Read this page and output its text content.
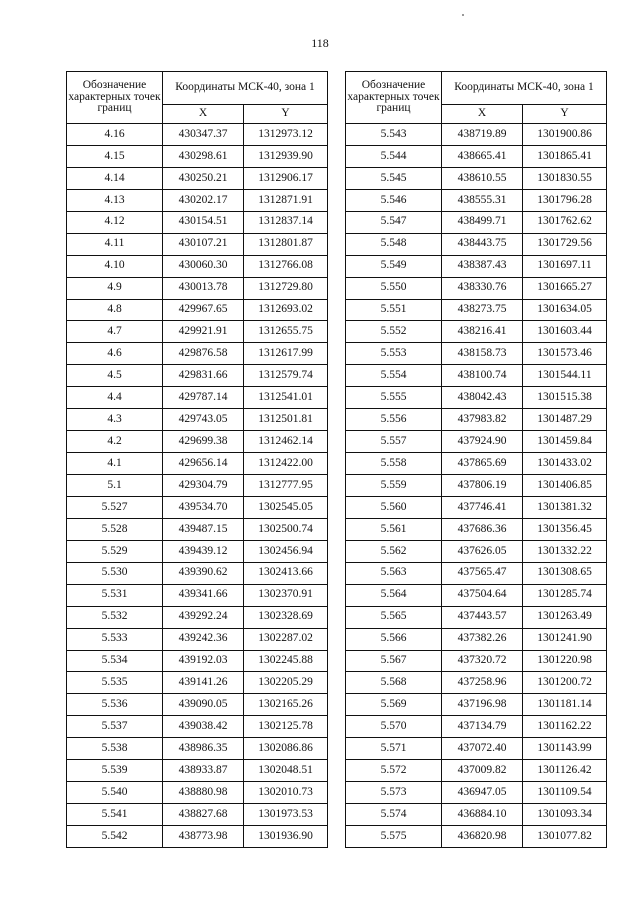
118
Обозначение характерных точек границ	Координаты МСК-40, зона 1	
	X	Y
4.16	430347.37	1312973.12
4.15	430298.61	1312939.90
4.14	430250.21	1312906.17
4.13	430202.17	1312871.91
4.12	430154.51	1312837.14
4.11	430107.21	1312801.87
4.10	430060.30	1312766.08
4.9	430013.78	1312729.80
4.8	429967.65	1312693.02
4.7	429921.91	1312655.75
4.6	429876.58	1312617.99
4.5	429831.66	1312579.74
4.4	429787.14	1312541.01
4.3	429743.05	1312501.81
4.2	429699.38	1312462.14
4.1	429656.14	1312422.00
5.1	429304.79	1312777.95
5.527	439534.70	1302545.05
5.528	439487.15	1302500.74
5.529	439439.12	1302456.94
5.530	439390.62	1302413.66
5.531	439341.66	1302370.91
5.532	439292.24	1302328.69
5.533	439242.36	1302287.02
5.534	439192.03	1302245.88
5.535	439141.26	1302205.29
5.536	439090.05	1302165.26
5.537	439038.42	1302125.78
5.538	438986.35	1302086.86
5.539	438933.87	1302048.51
5.540	438880.98	1302010.73
5.541	438827.68	1301973.53
5.542	438773.98	1301936.90
Обозначение характерных точек границ	Координаты МСК-40, зона 1	
	X	Y
5.543	438719.89	1301900.86
5.544	438665.41	1301865.41
5.545	438610.55	1301830.55
5.546	438555.31	1301796.28
5.547	438499.71	1301762.62
5.548	438443.75	1301729.56
5.549	438387.43	1301697.11
5.550	438330.76	1301665.27
5.551	438273.75	1301634.05
5.552	438216.41	1301603.44
5.553	438158.73	1301573.46
5.554	438100.74	1301544.11
5.555	438042.43	1301515.38
5.556	437983.82	1301487.29
5.557	437924.90	1301459.84
5.558	437865.69	1301433.02
5.559	437806.19	1301406.85
5.560	437746.41	1301381.32
5.561	437686.36	1301356.45
5.562	437626.05	1301332.22
5.563	437565.47	1301308.65
5.564	437504.64	1301285.74
5.565	437443.57	1301263.49
5.566	437382.26	1301241.90
5.567	437320.72	1301220.98
5.568	437258.96	1301200.72
5.569	437196.98	1301181.14
5.570	437134.79	1301162.22
5.571	437072.40	1301143.99
5.572	437009.82	1301126.42
5.573	436947.05	1301109.54
5.574	436884.10	1301093.34
5.575	436820.98	1301077.82
